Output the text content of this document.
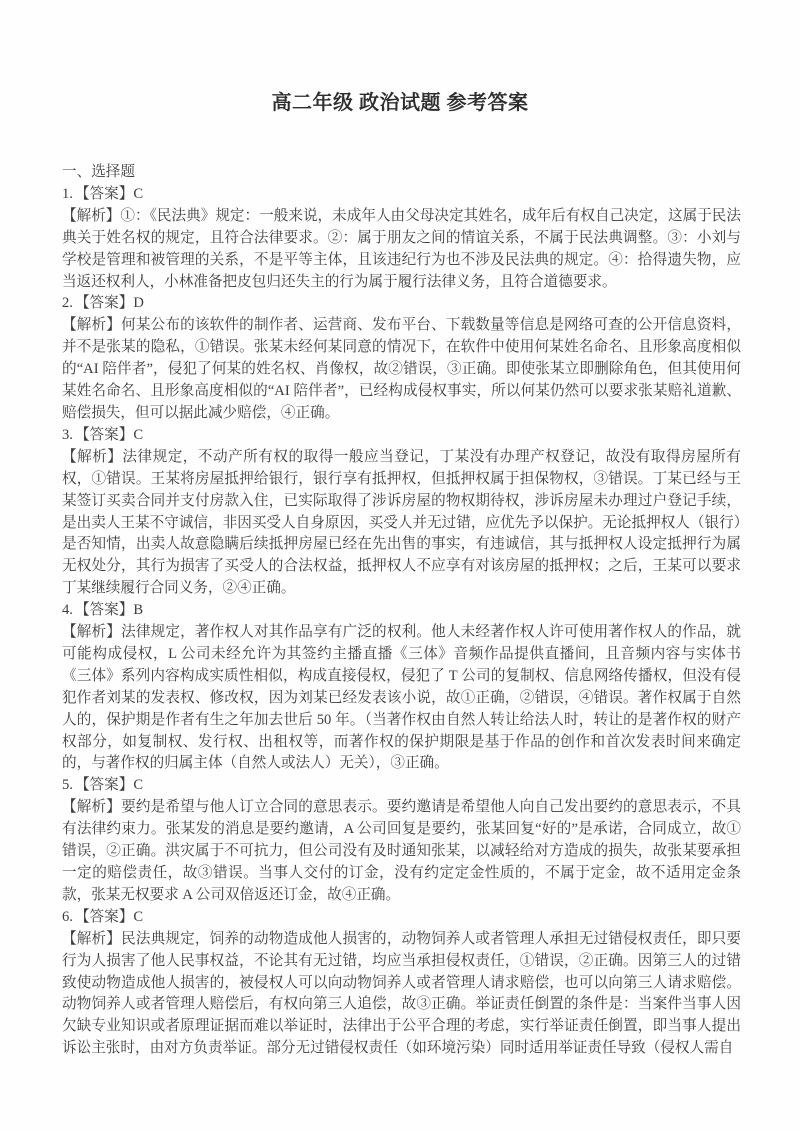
高二年级 政治试题 参考答案

一、选择题

1. 【答案】C

【解析】①：《民法典》规定：一般来说，未成年人由父母决定其姓名，成年后有权自己决定，这属于民法典关于姓名权的规定，且符合法律要求。②：属于朋友之间的情谊关系，不属于民法典调整。③：小刘与学校是管理和被管理的关系，不是平等主体，且该违纪行为也不涉及民法典的规定。④：拾得遗失物，应当返还权利人，小林准备把皮包归还失主的行为属于履行法律义务，且符合道德要求。

2. 【答案】D

【解析】何某公布的该软件的制作者、运营商、发布平台、下载数量等信息是网络可查的公开信息资料，并不是张某的隐私，①错误。张某未经何某同意的情况下，在软件中使用何某姓名命名、且形象高度相似的“AI 陪伴者”，侵犯了何某的姓名权、肖像权，故②错误，③正确。即使张某立即删除角色，但其使用何某姓名命名、且形象高度相似的“AI 陪伴者”，已经构成侵权事实，所以何某仍然可以要求张某赔礼道歉、赔偿损失，但可以据此减少赔偿，④正确。

3. 【答案】C

【解析】法律规定，不动产所有权的取得一般应当登记，丁某没有办理产权登记，故没有取得房屋所有权，①错误。王某将房屋抵押给银行，银行享有抵押权，但抵押权属于担保物权，③错误。丁某已经与王某签订买卖合同并支付房款入住，已实际取得了涉诉房屋的物权期待权，涉诉房屋未办理过户登记手续，是出卖人王某不守诚信，非因买受人自身原因，买受人并无过错，应优先予以保护。无论抵押权人（银行）是否知情，出卖人故意隐瞒后续抵押房屋已经在先出售的事实，有违诚信，其与抵押权人设定抵押行为属无权处分，其行为损害了买受人的合法权益，抵押权人不应享有对该房屋的抵押权；之后，王某可以要求丁某继续履行合同义务，②④正确。

4. 【答案】B

【解析】法律规定，著作权人对其作品享有广泛的权利。他人未经著作权人许可使用著作权人的作品，就可能构成侵权，L 公司未经允许为其签约主播直播《三体》音频作品提供直播间，且音频内容与实体书《三体》系列内容构成实质性相似，构成直接侵权，侵犯了 T 公司的复制权、信息网络传播权，但没有侵犯作者刘某的发表权、修改权，因为刘某已经发表该小说，故①正确，②错误，④错误。著作权属于自然人的，保护期是作者有生之年加去世后 50 年。（当著作权由自然人转让给法人时，转让的是著作权的财产权部分，如复制权、发行权、出租权等，而著作权的保护期限是基于作品的创作和首次发表时间来确定的，与著作权的归属主体（自然人或法人）无关），③正确。

5. 【答案】C

【解析】要约是希望与他人订立合同的意思表示。要约邀请是希望他人向自己发出要约的意思表示，不具有法律约束力。张某发的消息是要约邀请，A 公司回复是要约，张某回复“好的”是承诺，合同成立，故①错误，②正确。洪灾属于不可抗力，但公司没有及时通知张某，以减轻给对方造成的损失，故张某要承担一定的赔偿责任，故③错误。当事人交付的订金，没有约定定金性质的，不属于定金，故不适用定金条款，张某无权要求 A 公司双倍返还订金，故④正确。

6. 【答案】C

【解析】民法典规定，饲养的动物造成他人损害的，动物饲养人或者管理人承担无过错侵权责任，即只要行为人损害了他人民事权益，不论其有无过错，均应当承担侵权责任，①错误，②正确。因第三人的过错致使动物造成他人损害的，被侵权人可以向动物饲养人或者管理人请求赔偿，也可以向第三人请求赔偿。动物饲养人或者管理人赔偿后，有权向第三人追偿，故③正确。举证责任倒置的条件是：当案件当事人因欠缺专业知识或者原理证据而难以举证时，法律出于公平合理的考虑，实行举证责任倒置，即当事人提出诉讼主张时，由对方负责举证。部分无过错侵权责任（如环境污染）同时适用举证责任导致（侵权人需自
